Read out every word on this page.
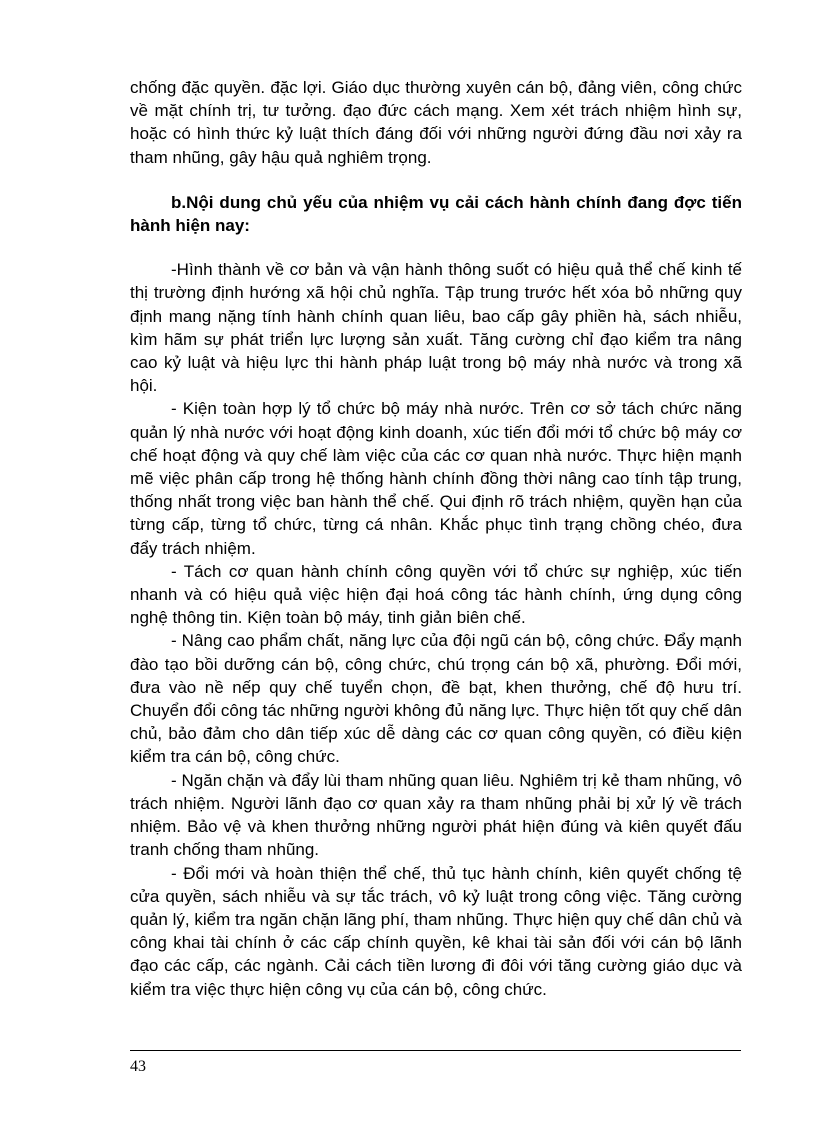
chống đặc quyền. đặc lợi. Giáo dục thường xuyên cán bộ, đảng viên, công chức về mặt chính trị, tư tưởng. đạo đức cách mạng. Xem xét trách nhiệm hình sự, hoặc có hình thức kỷ luật thích đáng đối với những người đứng đầu nơi xảy ra tham nhũng, gây hậu quả nghiêm trọng.

b.Nội dung chủ yếu của nhiệm vụ cải cách hành chính đang đợc tiến hành hiện nay:

-Hình thành về cơ bản và vận hành thông suốt có hiệu quả thể chế kinh tế thị trường định hướng xã hội chủ nghĩa. Tập trung trước hết xóa bỏ những quy định mang nặng tính hành chính quan liêu, bao cấp gây phiền hà, sách nhiễu, kìm hãm sự phát triển lực lượng sản xuất. Tăng cường chỉ đạo kiểm tra nâng cao kỷ luật và hiệu lực thi hành pháp luật trong bộ máy nhà nước và trong xã hội.

- Kiện toàn hợp lý tổ chức bộ máy nhà nước. Trên cơ sở tách chức năng quản lý nhà nước với hoạt động kinh doanh, xúc tiến đổi mới tổ chức bộ máy cơ chế hoạt động và quy chế làm việc của các cơ quan nhà nước. Thực hiện mạnh mẽ việc phân cấp trong hệ thống hành chính đồng thời nâng cao tính tập trung, thống nhất trong việc ban hành thể chế. Qui định rõ trách nhiệm, quyền hạn của từng cấp, từng tổ chức, từng cá nhân. Khắc phục tình trạng chồng chéo, đưa đẩy trách nhiệm.

- Tách cơ quan hành chính công quyền với tổ chức sự nghiệp, xúc tiến nhanh và có hiệu quả việc hiện đại hoá công tác hành chính, ứng dụng công nghệ thông tin. Kiện toàn bộ máy, tinh giản biên chế.

- Nâng cao phẩm chất, năng lực của đội ngũ cán bộ, công chức. Đẩy mạnh đào tạo bồi dưỡng cán bộ, công chức, chú trọng cán bộ xã, phường. Đổi mới, đưa vào nề nếp quy chế tuyển chọn, đề bạt, khen thưởng, chế độ hưu trí. Chuyển đổi công tác những người không đủ năng lực. Thực hiện tốt quy chế dân chủ, bảo đảm cho dân tiếp xúc dễ dàng các cơ quan công quyền, có điều kiện kiểm tra cán bộ, công chức.

- Ngăn chặn và đẩy lùi tham nhũng quan liêu. Nghiêm trị kẻ tham nhũng, vô trách nhiệm. Người lãnh đạo cơ quan xảy ra tham nhũng phải bị xử lý về trách nhiệm. Bảo vệ và khen thưởng những người phát hiện đúng và kiên quyết đấu tranh chống tham nhũng.

- Đổi mới và hoàn thiện thể chế, thủ tục hành chính, kiên quyết chống tệ cửa quyền, sách nhiễu và sự tắc trách, vô kỷ luật trong công việc. Tăng cường quản lý, kiểm tra ngăn chặn lãng phí, tham nhũng. Thực hiện quy chế dân chủ và công khai tài chính ở các cấp chính quyền, kê khai tài sản đối với cán bộ lãnh đạo các cấp, các ngành. Cải cách tiền lương đi đôi với tăng cường giáo dục và kiểm tra việc thực hiện công vụ của cán bộ, công chức.

43
